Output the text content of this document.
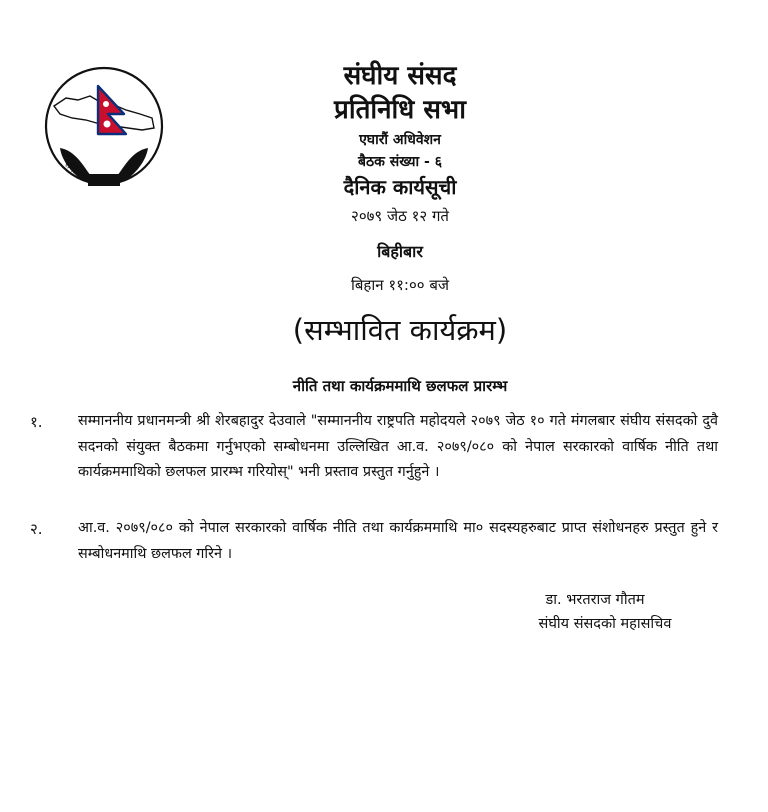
संघीय संसद नेपाल
संघीय संसद
प्रतिनिधि सभा
एघारौं अधिवेशन
बैठक संख्या - ६
दैनिक कार्यसूची
२०७९ जेठ १२ गते
बिहीबार
बिहान ११:०० बजे
(सम्भावित कार्यक्रम)
नीति तथा कार्यक्रममाथि छलफल प्रारम्भ
१. सम्माननीय प्रधानमन्त्री श्री शेरबहादुर देउवाले "सम्माननीय राष्ट्रपति महोदयले २०७९ जेठ १० गते मंगलबार संघीय संसदको दुवै सदनको संयुक्त बैठकमा गर्नुभएको सम्बोधनमा उल्लिखित आ.व. २०७९/०८० को नेपाल सरकारको वार्षिक नीति तथा कार्यक्रममाथिको छलफल प्रारम्भ गरियोस्" भनी प्रस्ताव प्रस्तुत गर्नुहुने ।
२. आ.व. २०७९/०८० को नेपाल सरकारको वार्षिक नीति तथा कार्यक्रममाथि मा० सदस्यहरुबाट प्राप्त संशोधनहरु प्रस्तुत हुने र सम्बोधनमाथि छलफल गरिने ।
डा. भरतराज गौतम
संघीय संसदको महासचिव
